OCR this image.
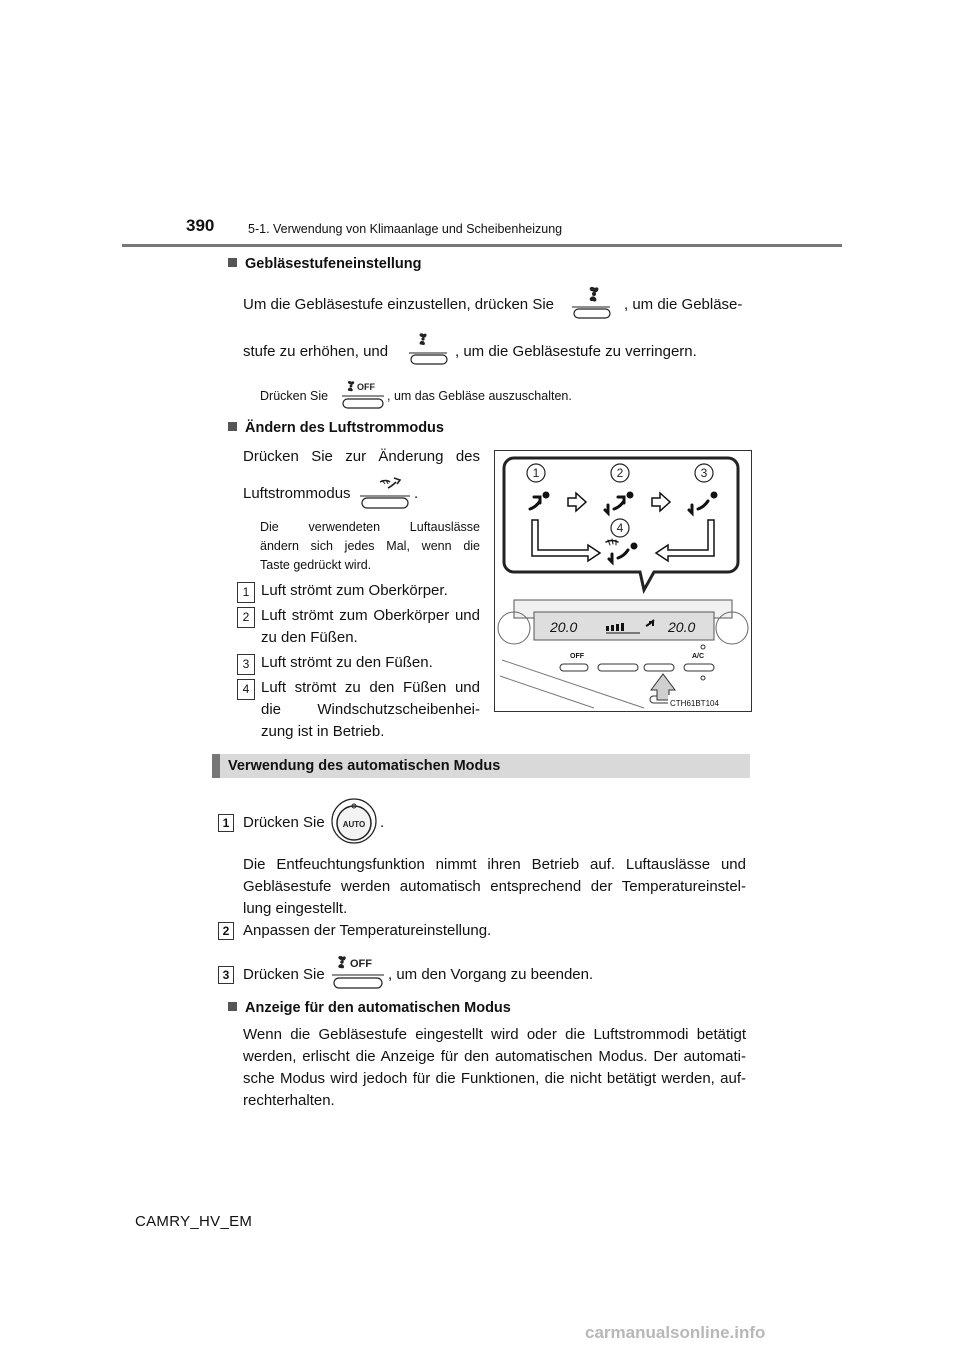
390	5-1. Verwendung von Klimaanlage und Scheibenheizung
Gebläsestufeneinstellung
Um die Gebläsestufe einzustellen, drücken Sie	, um die Gebläse-
stufe zu erhöhen, und	, um die Gebläsestufe zu verringern.
Drücken Sie
OFF
, um das Gebläse auszuschalten.
Ändern des Luftstrommodus
Drücken Sie zur Änderung des
Luftstrommodus	.
Die verwendeten Luftauslässe
ändern sich jedes Mal, wenn die
Taste gedrückt wird.
1 Luft strömt zum Oberkörper.
2 Luft strömt zum Oberkörper und
zu den Füßen.
3 Luft strömt zu den Füßen.
4 Luft strömt zu den Füßen und
die Windschutzscheibenhei-
zung ist in Betrieb.
1	2	3
4
20.0	20.0
OFF	A/C
CTH61BT104
Verwendung des automatischen Modus
1 Drücken Sie AUTO .
Die Entfeuchtungsfunktion nimmt ihren Betrieb auf. Luftauslässe und
Gebläsestufe werden automatisch entsprechend der Temperatureinstel-
lung eingestellt.
2 Anpassen der Temperatureinstellung.
3 Drücken Sie
OFF
, um den Vorgang zu beenden.
Anzeige für den automatischen Modus
Wenn die Gebläsestufe eingestellt wird oder die Luftstrommodi betätigt
werden, erlischt die Anzeige für den automatischen Modus. Der automati-
sche Modus wird jedoch für die Funktionen, die nicht betätigt werden, auf-
rechterhalten.
CAMRY_HV_EM
carmanualsonline.info
